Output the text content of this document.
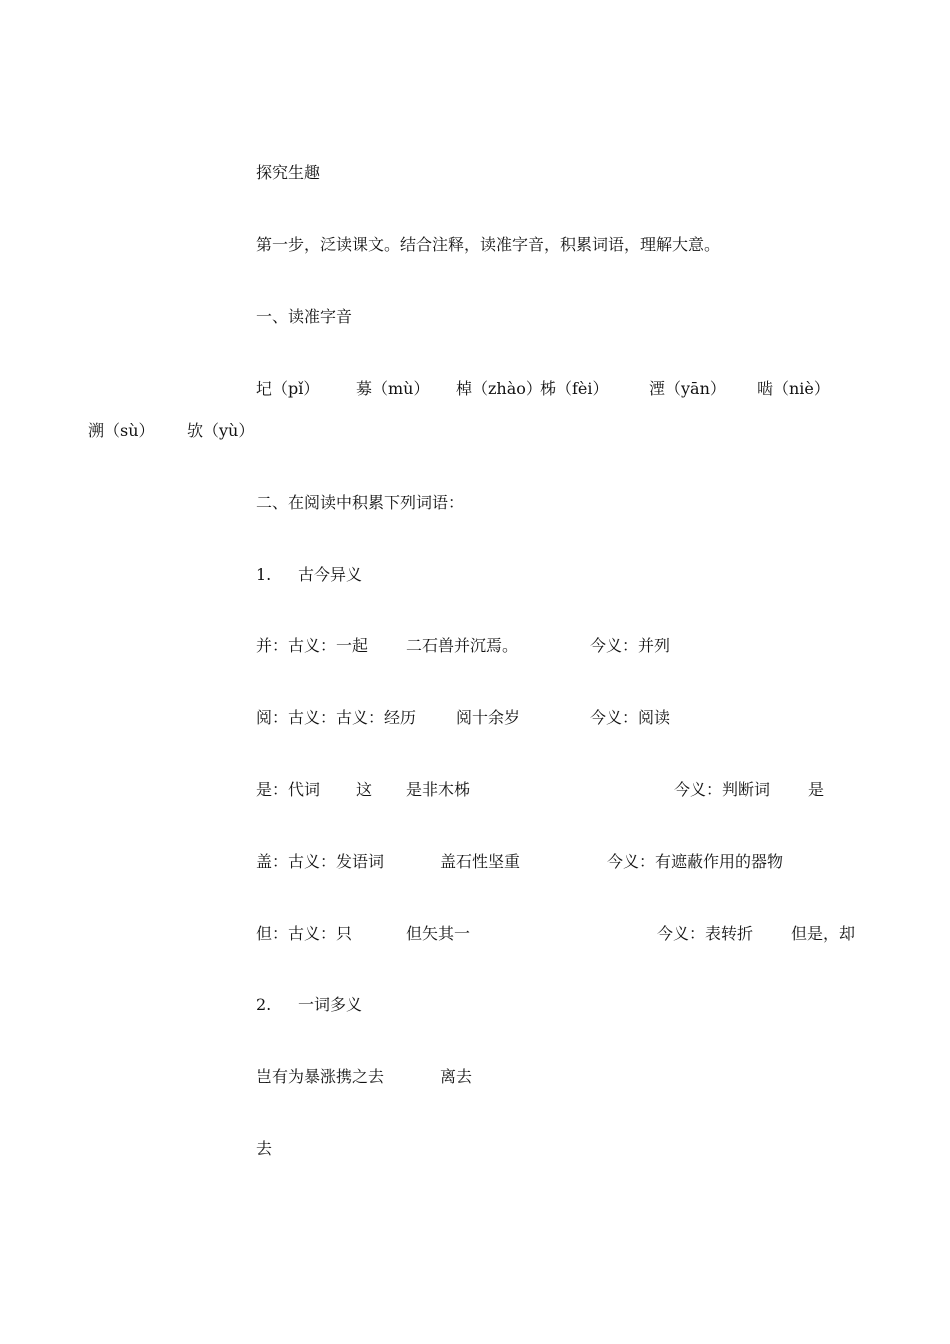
探究生趣
第一步，泛读课文。结合注释，读准字音，积累词语，理解大意。
一、读准字音
圮（pǐ） 募（mù） 棹（zhào）
柹（fèi）	湮（yān） 啮（niè）
溯（sù） 欤（yù）
二、在阅读中积累下列词语：
1. 古今异义
并：古义：一起 二石兽并沉焉。	今义：并列
阅：古义：古义：经历 阅十余岁	今义：阅读
是：代词 这 是非木柹	今义：判断词 是
盖：古义：发语词	盖石性坚重	今义：有遮蔽作用的器物
但：古义：只	但矢其一	今义：表转折 但是，却
2. 一词多义
岂有为暴涨携之去	离去
去
